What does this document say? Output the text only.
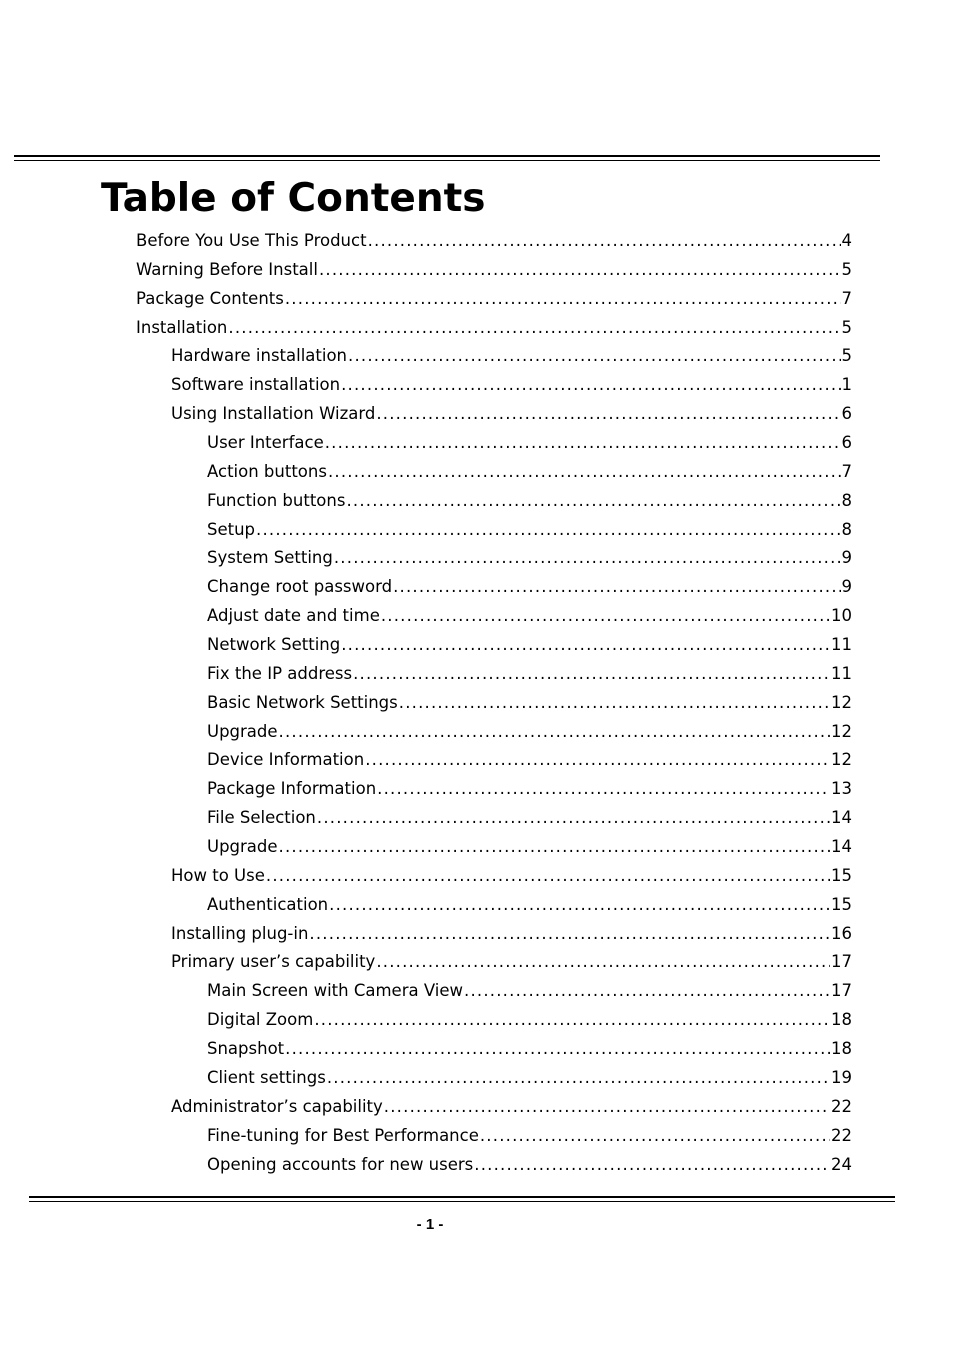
Table of Contents
Before You Use This Product .....	4
Warning Before Install .....	5
Package Contents .....	7
Installation .....	5
Hardware installation .....	5
Software installation .....	1
Using Installation Wizard .....	6
User Interface .....	6
Action buttons .....	7
Function buttons .....	8
Setup .....	8
System Setting .....	9
Change root password .....	9
Adjust date and time .....	10
Network Setting .....	11
Fix the IP address .....	11
Basic Network Settings .....	12
Upgrade .....	12
Device Information .....	12
Package Information .....	13
File Selection .....	14
Upgrade .....	14
How to Use .....	15
Authentication .....	15
Installing plug-in .....	16
Primary user’s capability .....	17
Main Screen with Camera View .....	17
Digital Zoom .....	18
Snapshot .....	18
Client settings .....	19
Administrator’s capability .....	22
Fine-tuning for Best Performance .....	22
Opening accounts for new users .....	24
- 1 -
